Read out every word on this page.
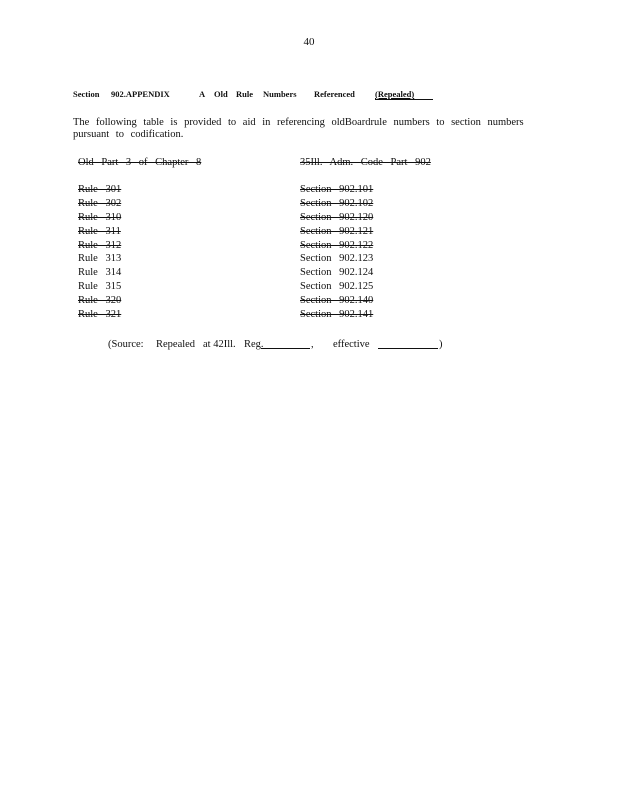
40
Section 902.APPENDIX	A Old Rule Numbers Referenced (Repealed)
The following table is provided to aid in referencing oldBoardrule numbers to section numbers pursuant to codification.
Old Part 3 of Chapter 8	35Ill. Adm. Code Part 902
Rule 301	Section 902.101
Rule 302	Section 902.102
Rule 310	Section 902.120
Rule 311	Section 902.121
Rule 312	Section 902.122
Rule 313	Section 902.123
Rule 314	Section 902.124
Rule 315	Section 902.125
Rule 320	Section 902.140
Rule 321	Section 902.141
(Source: Repealed at 42Ill. Reg.	, effective	)
